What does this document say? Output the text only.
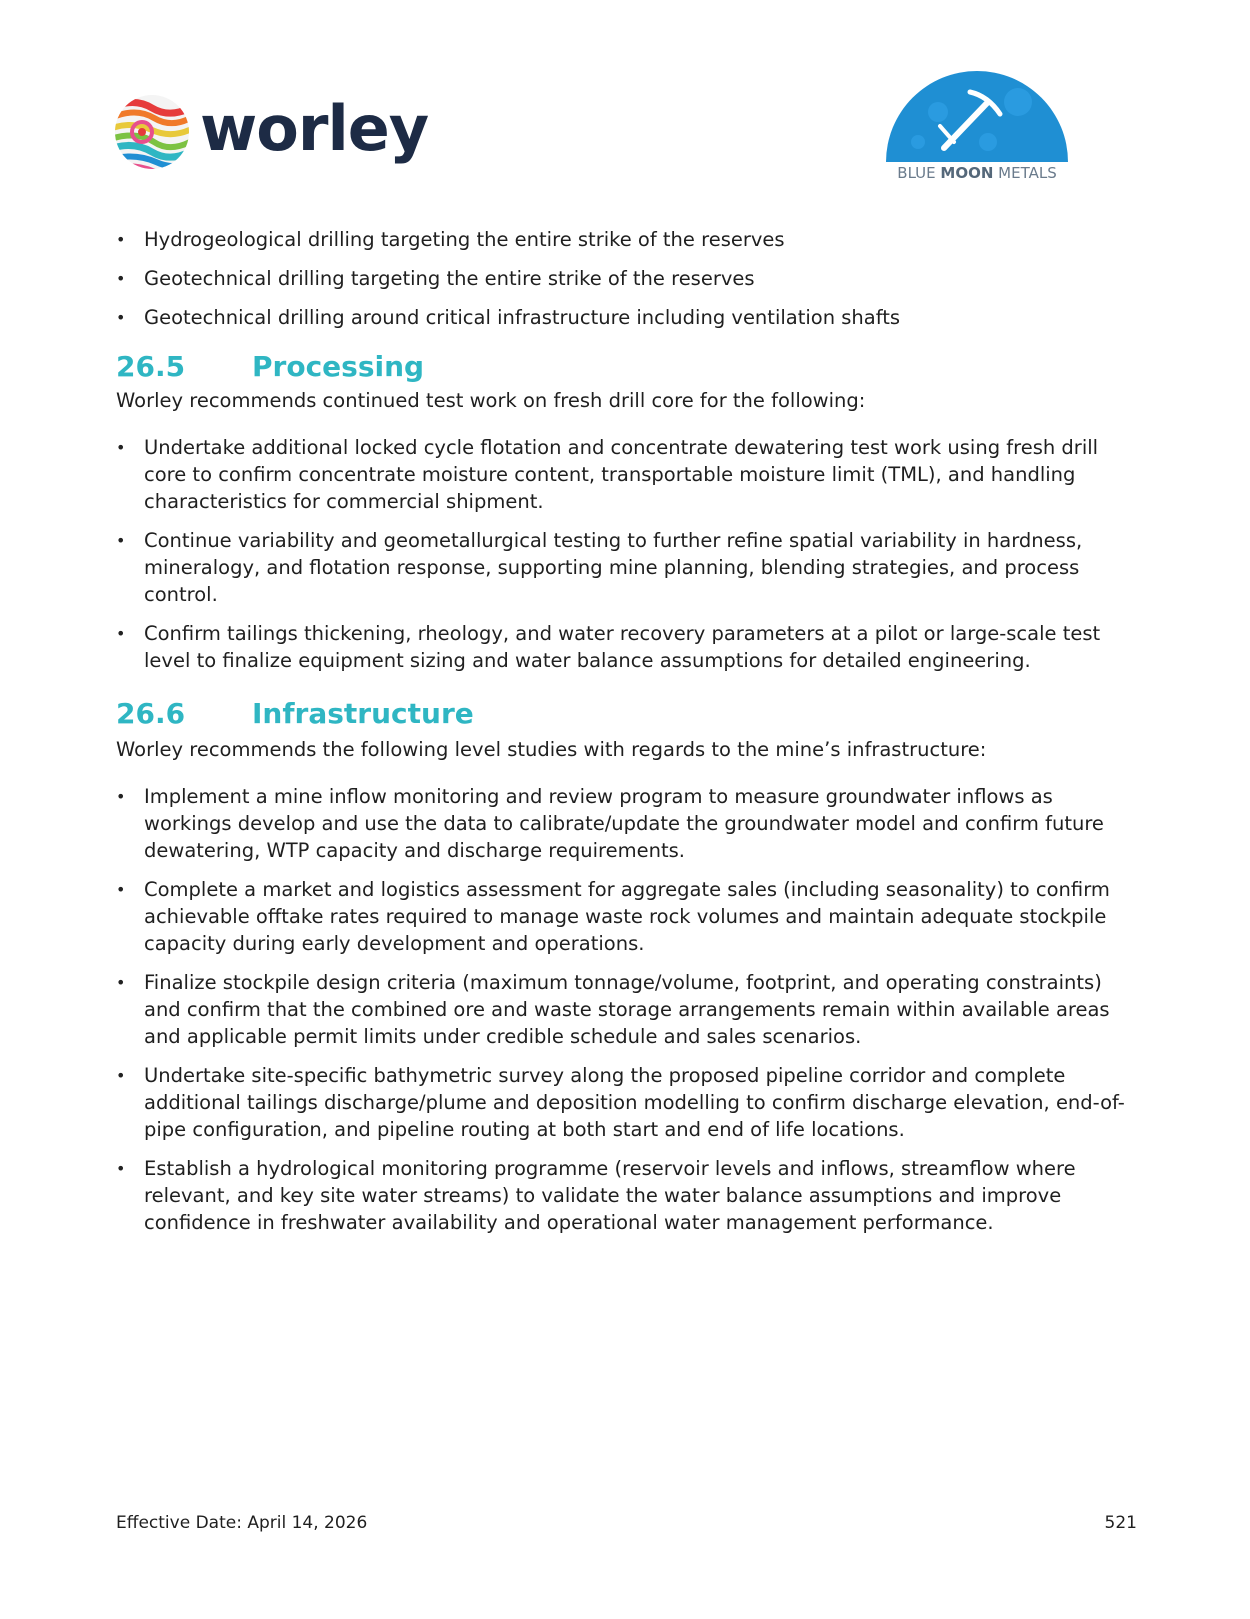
worley
BLUE MOON METALS
• Hydrogeological drilling targeting the entire strike of the reserves
• Geotechnical drilling targeting the entire strike of the reserves
• Geotechnical drilling around critical infrastructure including ventilation shafts
26.5	Processing

Worley recommends continued test work on fresh drill core for the following:

• Undertake additional locked cycle flotation and concentrate dewatering test work using fresh drill core to confirm concentrate moisture content, transportable moisture limit (TML), and handling characteristics for commercial shipment.
• Continue variability and geometallurgical testing to further refine spatial variability in hardness, mineralogy, and flotation response, supporting mine planning, blending strategies, and process control.
• Confirm tailings thickening, rheology, and water recovery parameters at a pilot or large-scale test level to finalize equipment sizing and water balance assumptions for detailed engineering.
26.6	Infrastructure

Worley recommends the following level studies with regards to the mine’s infrastructure:

• Implement a mine inflow monitoring and review program to measure groundwater inflows as workings develop and use the data to calibrate/update the groundwater model and confirm future dewatering, WTP capacity and discharge requirements.
• Complete a market and logistics assessment for aggregate sales (including seasonality) to confirm achievable offtake rates required to manage waste rock volumes and maintain adequate stockpile capacity during early development and operations.
• Finalize stockpile design criteria (maximum tonnage/volume, footprint, and operating constraints) and confirm that the combined ore and waste storage arrangements remain within available areas and applicable permit limits under credible schedule and sales scenarios.
• Undertake site-specific bathymetric survey along the proposed pipeline corridor and complete additional tailings discharge/plume and deposition modelling to confirm discharge elevation, end-of-pipe configuration, and pipeline routing at both start and end of life locations.
• Establish a hydrological monitoring programme (reservoir levels and inflows, streamflow where relevant, and key site water streams) to validate the water balance assumptions and improve confidence in freshwater availability and operational water management performance.
Effective Date: April 14, 2026	521
